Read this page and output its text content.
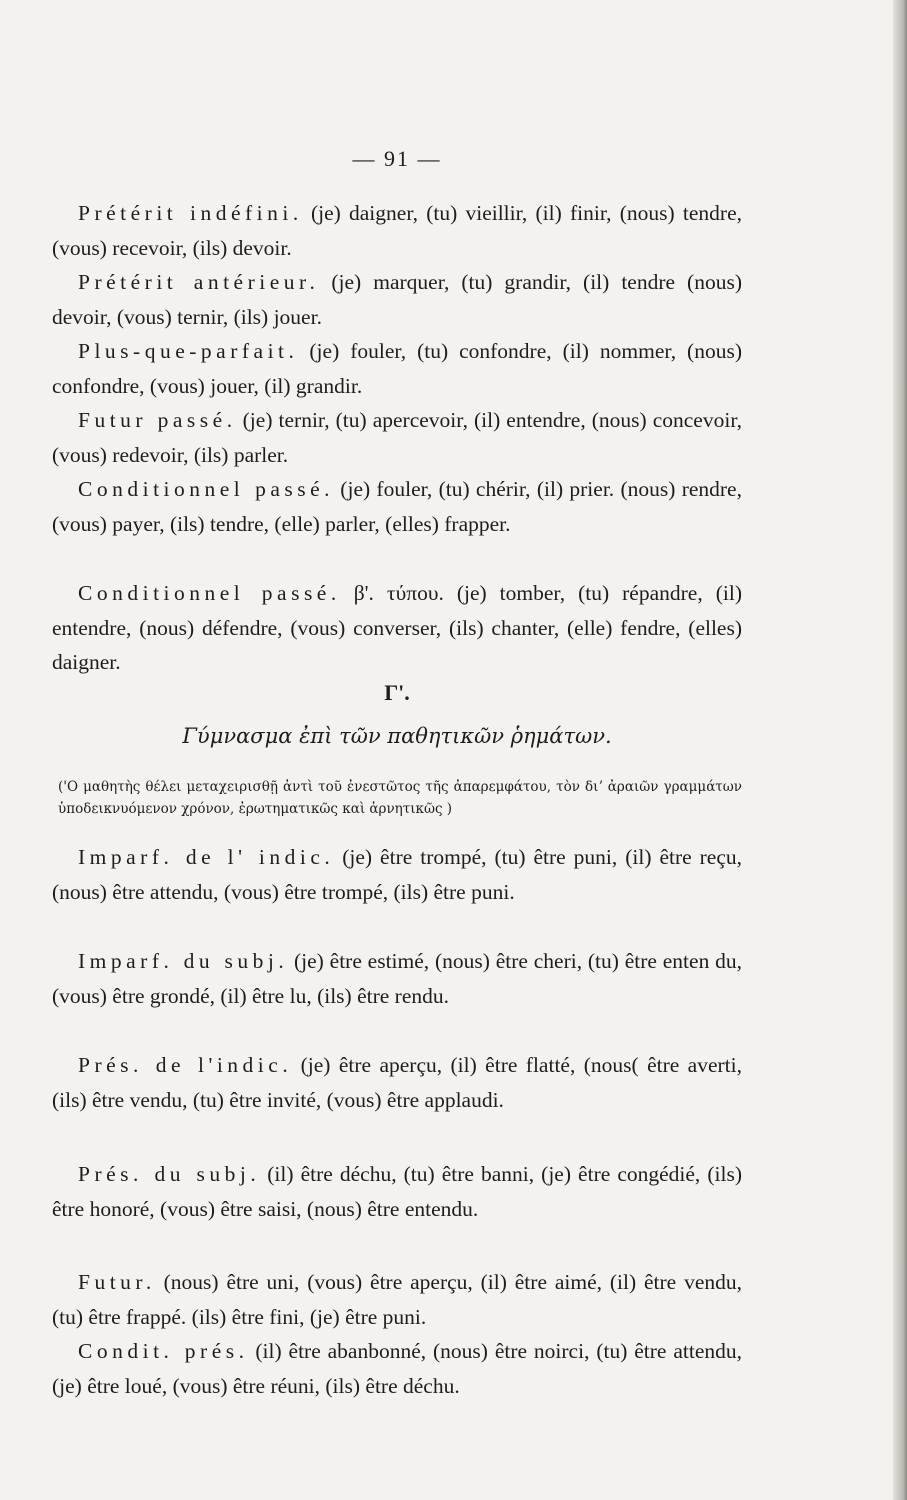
— 91 —

Prétérit indéfini. (je) daigner, (tu) vieillir, (il) finir, (nous) tendre, (vous) recevoir, (ils) devoir.

Prétérit antérieur. (je) marquer, (tu) grandir, (il) tendre (nous) devoir, (vous) ternir, (ils) jouer.

Plus-que-parfait. (je) fouler, (tu) confondre, (il) nommer, (nous) confondre, (vous) jouer, (il) grandir.

Futur passé. (je) ternir, (tu) apercevoir, (il) entendre, (nous) concevoir, (vous) redevoir, (ils) parler.

Conditionnel passé. (je) fouler, (tu) chérir, (il) prier. (nous) rendre, (vous) payer, (ils) tendre, (elle) parler, (elles) frapper.

Conditionnel passé. β'. τύπου. (je) tomber, (tu) répandre, (il) entendre, (nous) défendre, (vous) converser, (ils) chanter, (elle) fendre, (elles) daigner.

Γ'.
Γύμνασμα ἐπὶ τῶν παθητικῶν ῥημάτων.

('Ο μαθητὴς θέλει μεταχειρισθῇ ἀντὶ τοῦ ἐνεστῶτος τῆς ἀπαρεμφάτου, τὸν διʼ ἀραιῶν γραμμάτων ὑποδεικνυόμενον χρόνον, ἐρωτηματικῶς καὶ ἀρνητικῶς )

Imparf. de l' indic. (je) être trompé, (tu) être puni, (il) être reçu, (nous) être attendu, (vous) être trompé, (ils) être puni.

Imparf. du subj. (je) être estimé, (nous) être cheri, (tu) être enten du, (vous) être grondé, (il) être lu, (ils) être rendu.

Prés. de l'indic. (je) être aperçu, (il) être flatté, (nous( être averti, (ils) être vendu, (tu) être invité, (vous) être applaudi.

Prés. du subj. (il) être déchu, (tu) être banni, (je) être congédié, (ils) être honoré, (vous) être saisi, (nous) être entendu.

Futur. (nous) être uni, (vous) être aperçu, (il) être aimé, (il) être vendu, (tu) être frappé. (ils) être fini, (je) être puni.

Condit. prés. (il) être abanbonné, (nous) être noirci, (tu) être attendu, (je) être loué, (vous) être réuni, (ils) être déchu.
